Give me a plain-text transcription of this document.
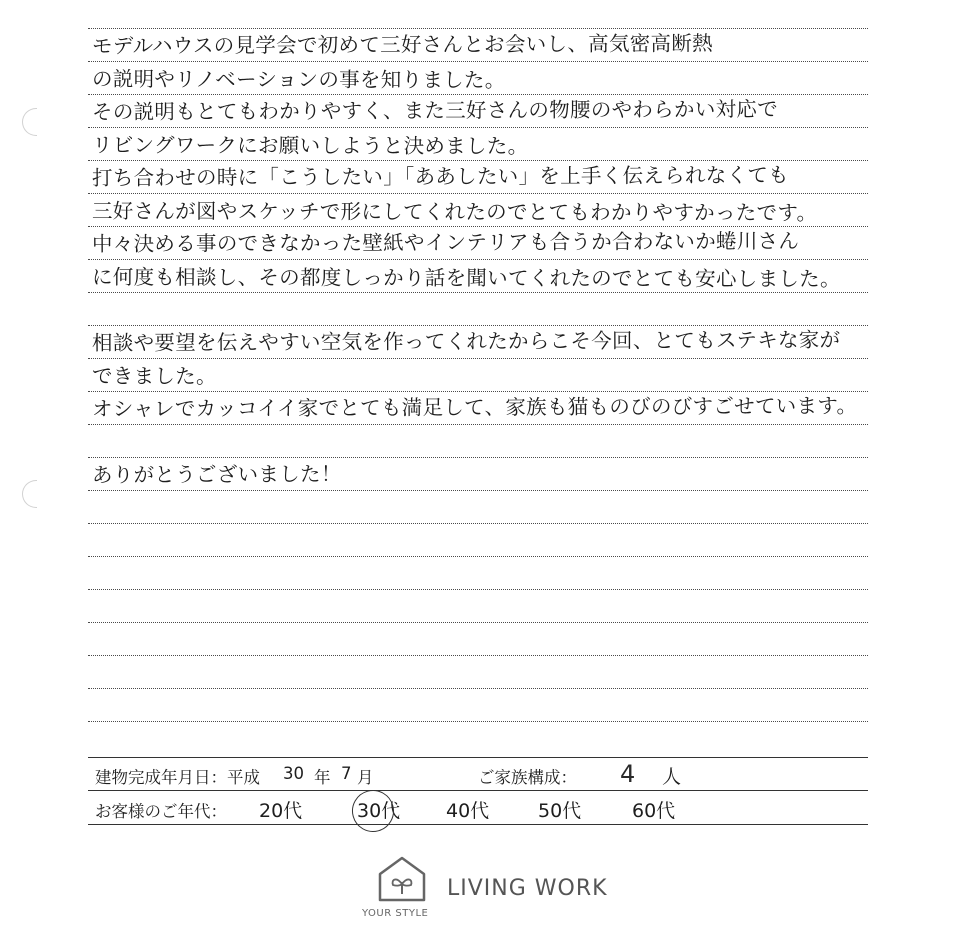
モデルハウスの見学会で初めて三好さんとお会いし、高気密高断熱
の説明やリノベーションの事を知りました。
その説明もとてもわかりやすく、また三好さんの物腰のやわらかい対応で
リビングワークにお願いしようと決めました。
打ち合わせの時に「こうしたい」「ああしたい」を上手く伝えられなくても
三好さんが図やスケッチで形にしてくれたのでとてもわかりやすかったです。
中々決める事のできなかった壁紙やインテリアも合うか合わないか蜷川さん
に何度も相談し、その都度しっかり話を聞いてくれたのでとても安心しました。
相談や要望を伝えやすい空気を作ってくれたからこそ今回、とてもステキな家が
できました。
オシャレでカッコイイ家でとても満足して、家族も猫ものびのびすごせています。
ありがとうございました！
建物完成年月日：平成 30 年 7 月	ご家族構成： 4 人
お客様のご年代： 20代	30代 40代	50代	60代
LIVING WORK
YOUR STYLE
